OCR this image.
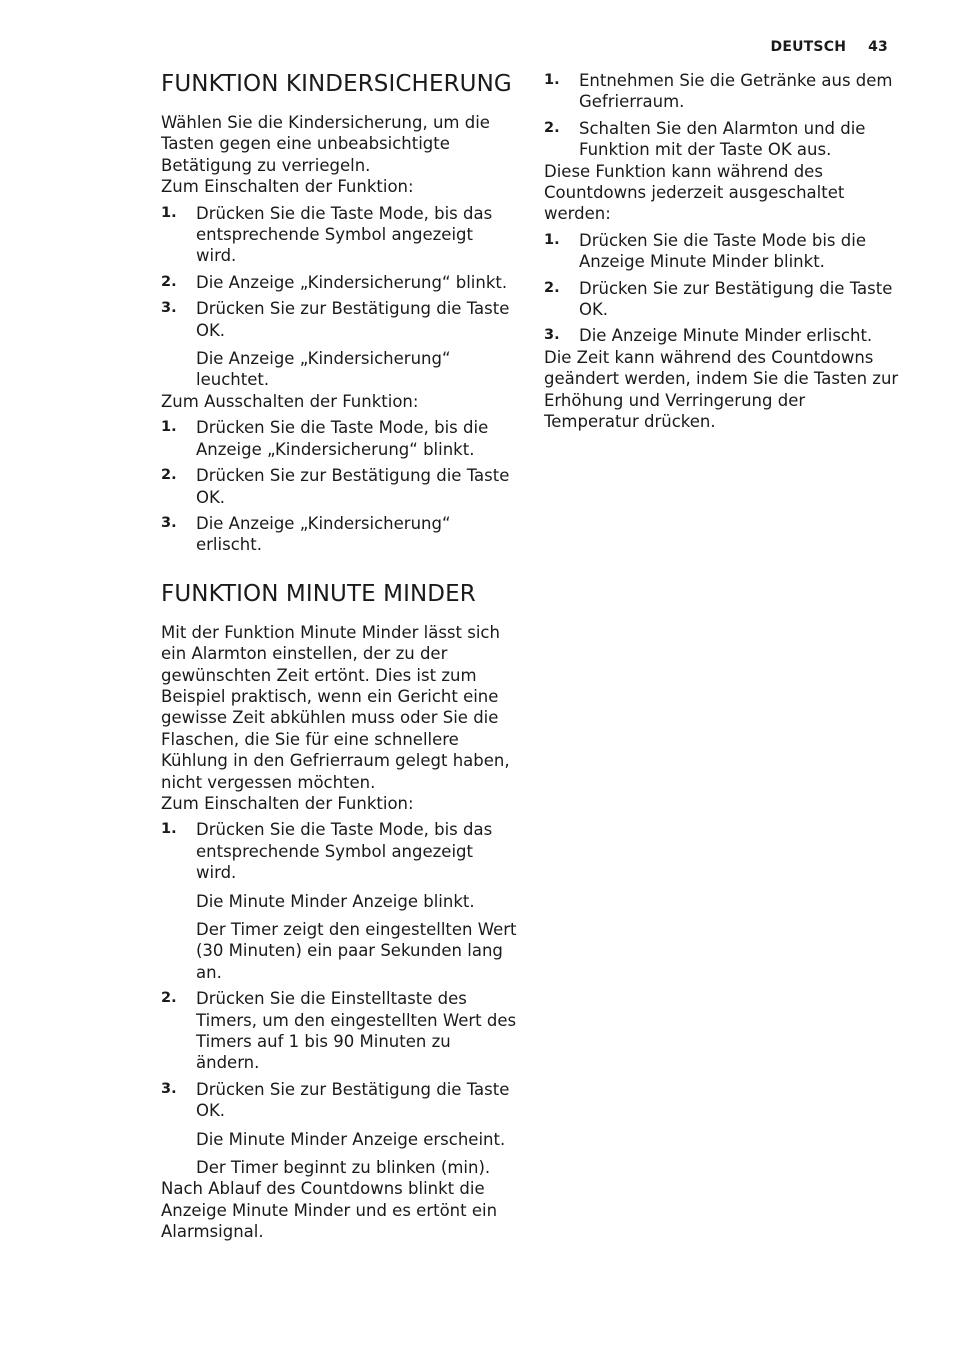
DEUTSCH 43
FUNKTION KINDERSICHERUNG

Wählen Sie die Kindersicherung, um die Tasten gegen eine unbeabsichtigte Betätigung zu verriegeln.

Zum Einschalten der Funktion:

1. Drücken Sie die Taste Mode, bis das entsprechende Symbol angezeigt wird.
2. Die Anzeige „Kindersicherung“ blinkt.
3. Drücken Sie zur Bestätigung die Taste OK.
Die Anzeige „Kindersicherung“ leuchtet.

Zum Ausschalten der Funktion:

1. Drücken Sie die Taste Mode, bis die Anzeige „Kindersicherung“ blinkt.
2. Drücken Sie zur Bestätigung die Taste OK.
3. Die Anzeige „Kindersicherung“ erlischt.
FUNKTION MINUTE MINDER

Mit der Funktion Minute Minder lässt sich ein Alarmton einstellen, der zu der gewünschten Zeit ertönt. Dies ist zum Beispiel praktisch, wenn ein Gericht eine gewisse Zeit abkühlen muss oder Sie die Flaschen, die Sie für eine schnellere Kühlung in den Gefrierraum gelegt haben, nicht vergessen möchten.

Zum Einschalten der Funktion:

1. Drücken Sie die Taste Mode, bis das entsprechende Symbol angezeigt wird.
Die Minute Minder Anzeige blinkt.
Der Timer zeigt den eingestellten Wert (30 Minuten) ein paar Sekunden lang an.
2. Drücken Sie die Einstelltaste des Timers, um den eingestellten Wert des Timers auf 1 bis 90 Minuten zu ändern.
3. Drücken Sie zur Bestätigung die Taste OK.
Die Minute Minder Anzeige erscheint.
Der Timer beginnt zu blinken (min).

Nach Ablauf des Countdowns blinkt die Anzeige Minute Minder und es ertönt ein Alarmsignal.

1. Entnehmen Sie die Getränke aus dem Gefrierraum.
2. Schalten Sie den Alarmton und die Funktion mit der Taste OK aus.

Diese Funktion kann während des Countdowns jederzeit ausgeschaltet werden:

1. Drücken Sie die Taste Mode bis die Anzeige Minute Minder blinkt.
2. Drücken Sie zur Bestätigung die Taste OK.
3. Die Anzeige Minute Minder erlischt.

Die Zeit kann während des Countdowns geändert werden, indem Sie die Tasten zur Erhöhung und Verringerung der Temperatur drücken.
